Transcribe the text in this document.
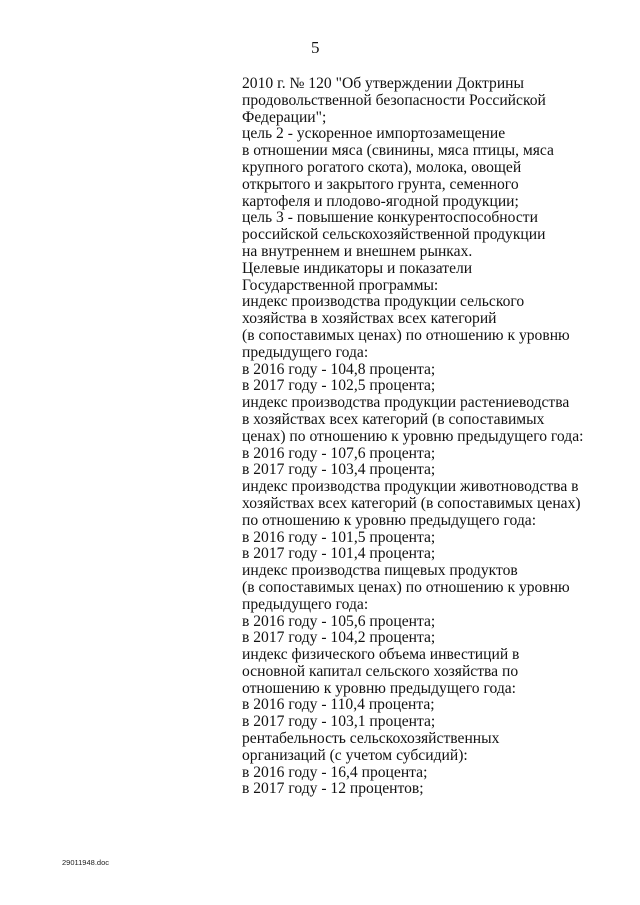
5
2010 г. № 120 "Об утверждении Доктрины
продовольственной безопасности Российской
Федерации";
цель 2 - ускоренное импортозамещение
в отношении мяса (свинины, мяса птицы, мяса
крупного рогатого скота), молока, овощей
открытого и закрытого грунта, семенного
картофеля и плодово-ягодной продукции;
цель 3 - повышение конкурентоспособности
российской сельскохозяйственной продукции
на внутреннем и внешнем рынках.
Целевые индикаторы и показатели
Государственной программы:
индекс производства продукции сельского
хозяйства в хозяйствах всех категорий
(в сопоставимых ценах) по отношению к уровню
предыдущего года:
в 2016 году - 104,8 процента;
в 2017 году - 102,5 процента;
индекс производства продукции растениеводства
в хозяйствах всех категорий (в сопоставимых
ценах) по отношению к уровню предыдущего года:
в 2016 году - 107,6 процента;
в 2017 году - 103,4 процента;
индекс производства продукции животноводства в
хозяйствах всех категорий (в сопоставимых ценах)
по отношению к уровню предыдущего года:
в 2016 году - 101,5 процента;
в 2017 году - 101,4 процента;
индекс производства пищевых продуктов
(в сопоставимых ценах) по отношению к уровню
предыдущего года:
в 2016 году - 105,6 процента;
в 2017 году - 104,2 процента;
индекс физического объема инвестиций в
основной капитал сельского хозяйства по
отношению к уровню предыдущего года:
в 2016 году - 110,4 процента;
в 2017 году - 103,1 процента;
рентабельность сельскохозяйственных
организаций (с учетом субсидий):
в 2016 году - 16,4 процента;
в 2017 году - 12 процентов;
29011948.doc
